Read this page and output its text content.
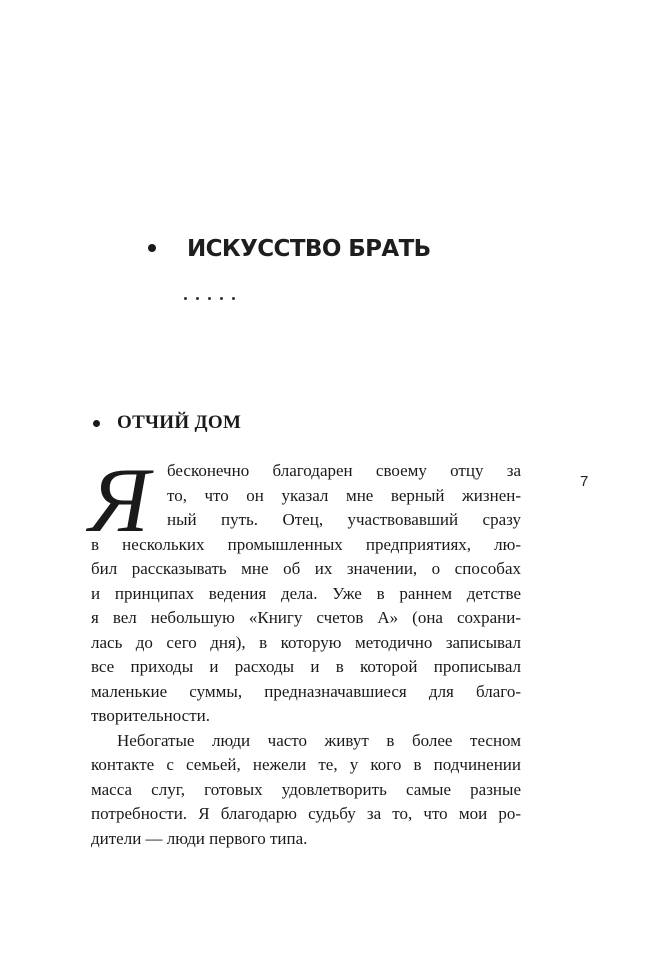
ИСКУССТВО БРАТЬ
ОТЧИЙ ДОМ
7
Я	бесконечно благодарен своему отцу за
то, что он указал мне верный жизнен-
ный путь. Отец, участвовавший сразу
в нескольких промышленных предприятиях, лю-
бил рассказывать мне об их значении, о способах
и принципах ведения дела. Уже в раннем детстве
я вел небольшую «Книгу счетов А» (она сохрани-
лась до сего дня), в которую методично записывал
все приходы и расходы и в которой прописывал
маленькие суммы, предназначавшиеся для благо-
творительности.
Небогатые люди часто живут в более тесном
контакте с семьей, нежели те, у кого в подчинении
масса слуг, готовых удовлетворить самые разные
потребности. Я благодарю судьбу за то, что мои ро-
дители — люди первого типа.
